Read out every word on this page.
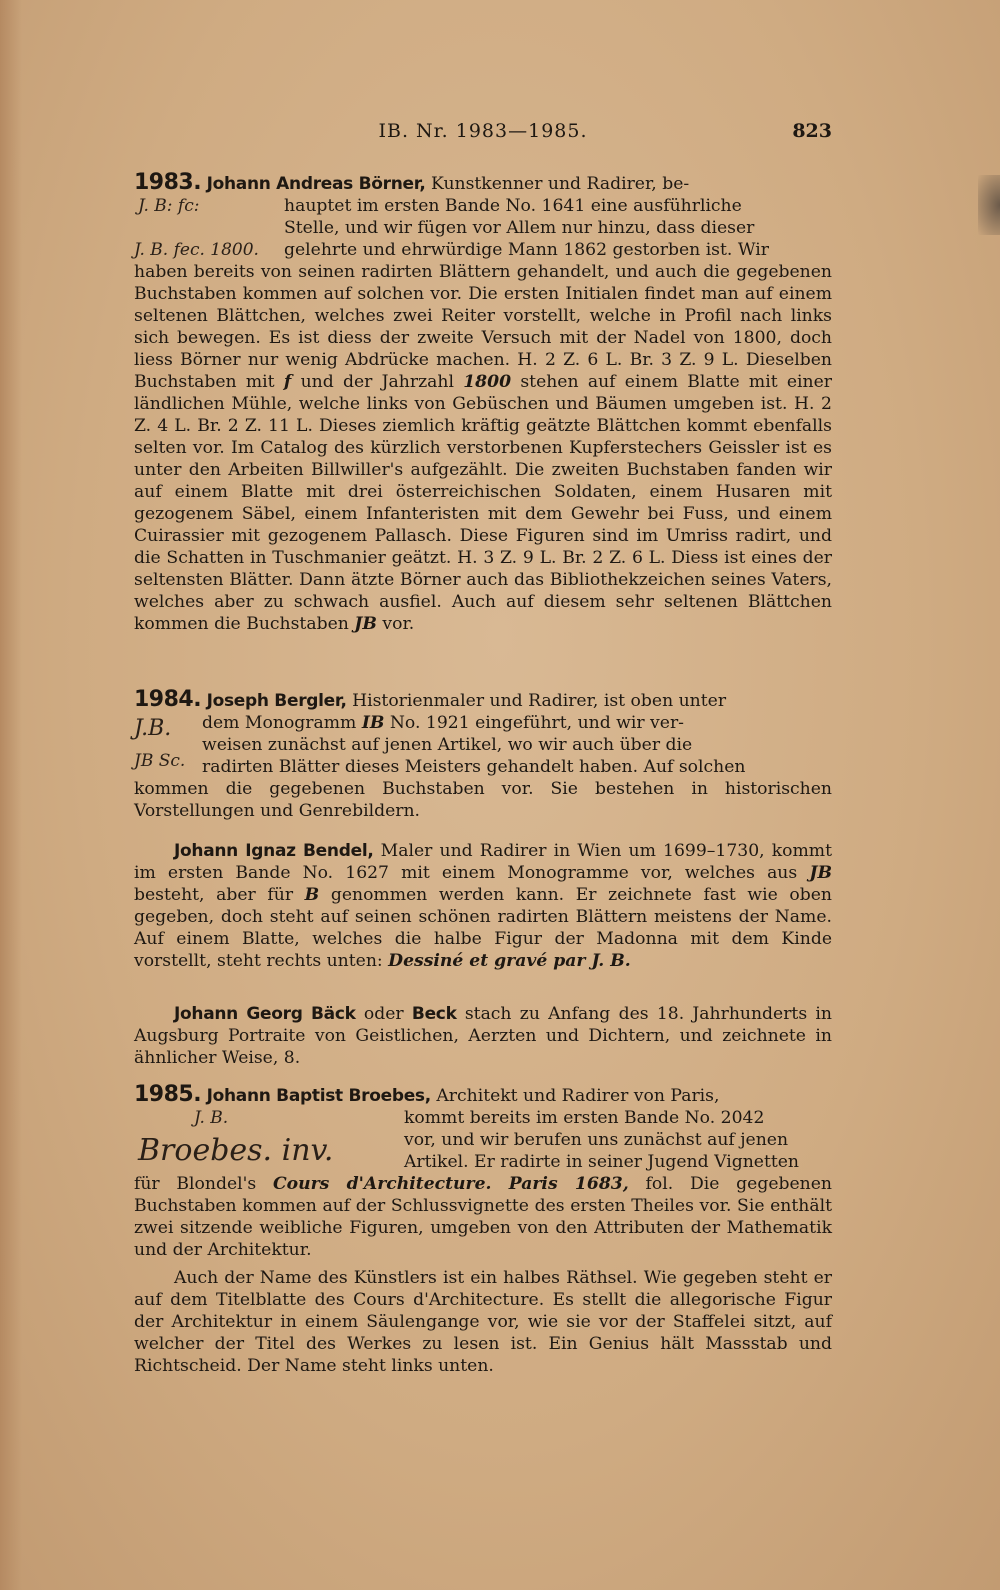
IB. Nr. 1983—1985.	823

1983. Johann Andreas Börner, Kunstkenner und Radirer, be-

J. B: fc:

J. B. fec. 1800.
hauptet im ersten Bande No. 1641 eine ausführliche
Stelle, und wir fügen vor Allem nur hinzu, dass dieser
gelehrte und ehrwürdige Mann 1862 gestorben ist. Wir

haben bereits von seinen radirten Blättern gehandelt, und auch die gegebenen Buchstaben kommen auf solchen vor. Die ersten Initialen findet man auf einem seltenen Blättchen, welches zwei Reiter vorstellt, welche in Profil nach links sich bewegen. Es ist diess der zweite Versuch mit der Nadel von 1800, doch liess Börner nur wenig Abdrücke machen. H. 2 Z. 6 L. Br. 3 Z. 9 L. Dieselben Buchstaben mit f und der Jahrzahl 1800 stehen auf einem Blatte mit einer ländlichen Mühle, welche links von Gebüschen und Bäumen umgeben ist. H. 2 Z. 4 L. Br. 2 Z. 11 L. Dieses ziemlich kräftig geätzte Blättchen kommt ebenfalls selten vor. Im Catalog des kürzlich verstorbenen Kupferstechers Geissler ist es unter den Arbeiten Billwiller's aufgezählt. Die zweiten Buchstaben fanden wir auf einem Blatte mit drei österreichischen Soldaten, einem Husaren mit gezogenem Säbel, einem Infanteristen mit dem Gewehr bei Fuss, und einem Cuirassier mit gezogenem Pallasch. Diese Figuren sind im Umriss radirt, und die Schatten in Tuschmanier geätzt. H. 3 Z. 9 L. Br. 2 Z. 6 L. Diess ist eines der seltensten Blätter. Dann ätzte Börner auch das Bibliothekzeichen seines Vaters, welches aber zu schwach ausfiel. Auch auf diesem sehr seltenen Blättchen kommen die Buchstaben JB vor.

1984. Joseph Bergler, Historienmaler und Radirer, ist oben unter

J.B.
JB Sc.
dem Monogramm IB No. 1921 eingeführt, und wir ver-
weisen zunächst auf jenen Artikel, wo wir auch über die
radirten Blätter dieses Meisters gehandelt haben. Auf solchen

kommen die gegebenen Buchstaben vor. Sie bestehen in historischen Vorstellungen und Genrebildern.

Johann Ignaz Bendel, Maler und Radirer in Wien um 1699–1730, kommt im ersten Bande No. 1627 mit einem Monogramme vor, welches aus JB besteht, aber für B genommen werden kann. Er zeichnete fast wie oben gegeben, doch steht auf seinen schönen radirten Blättern meistens der Name. Auf einem Blatte, welches die halbe Figur der Madonna mit dem Kinde vorstellt, steht rechts unten: Dessiné et gravé par J. B.

Johann Georg Bäck oder Beck stach zu Anfang des 18. Jahrhunderts in Augsburg Portraite von Geistlichen, Aerzten und Dichtern, und zeichnete in ähnlicher Weise, 8.

1985. Johann Baptist Broebes, Architekt und Radirer von Paris,

J. B.
Broebes. inv.
kommt bereits im ersten Bande No. 2042
vor, und wir berufen uns zunächst auf jenen
Artikel. Er radirte in seiner Jugend Vignetten

für Blondel's Cours d'Architecture. Paris 1683, fol. Die gegebenen Buchstaben kommen auf der Schlussvignette des ersten Theiles vor. Sie enthält zwei sitzende weibliche Figuren, umgeben von den Attributen der Mathematik und der Architektur.

Auch der Name des Künstlers ist ein halbes Räthsel. Wie gegeben steht er auf dem Titelblatte des Cours d'Architecture. Es stellt die allegorische Figur der Architektur in einem Säulengange vor, wie sie vor der Staffelei sitzt, auf welcher der Titel des Werkes zu lesen ist. Ein Genius hält Massstab und Richtscheid. Der Name steht links unten.
